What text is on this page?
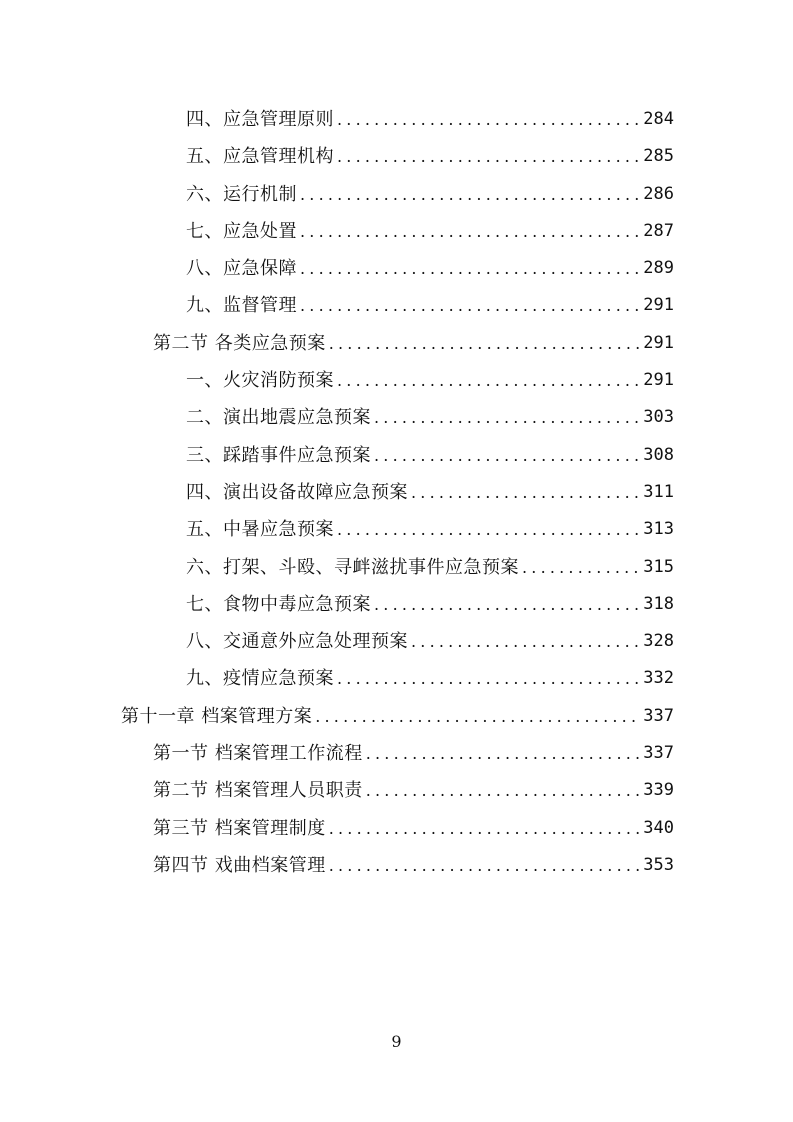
四、应急管理原则 .....	284
五、应急管理机构 .....	285
六、运行机制 .....	286
七、应急处置 .....	287
八、应急保障 .....	289
九、监督管理 .....	291
第二节 各类应急预案 .....	291
一、火灾消防预案 .....	291
二、演出地震应急预案 .....	303
三、踩踏事件应急预案 .....	308
四、演出设备故障应急预案 .....	311
五、中暑应急预案 .....	313
六、打架、斗殴、寻衅滋扰事件应急预案 .....	315
七、食物中毒应急预案 .....	318
八、交通意外应急处理预案 .....	328
九、疫情应急预案 .....	332
第十一章 档案管理方案 .....	337
第一节 档案管理工作流程 .....	337
第二节 档案管理人员职责 .....	339
第三节 档案管理制度 .....	340
第四节 戏曲档案管理 .....	353
9
